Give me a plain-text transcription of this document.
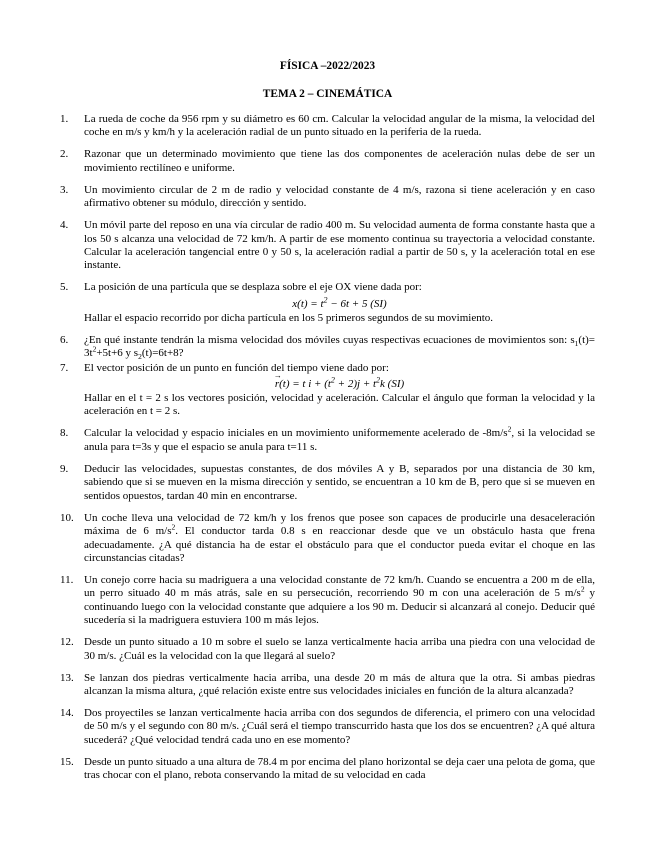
FÍSICA –2022/2023

TEMA 2 – CINEMÁTICA

1. La rueda de coche da 956 rpm y su diámetro es 60 cm. Calcular la velocidad angular de la misma, la velocidad del coche en m/s y km/h y la aceleración radial de un punto situado en la periferia de la rueda.

2. Razonar que un determinado movimiento que tiene las dos componentes de aceleración nulas debe de ser un movimiento rectilíneo e uniforme.

3. Un movimiento circular de 2 m de radio y velocidad constante de 4 m/s, razona si tiene aceleración y en caso afirmativo obtener su módulo, dirección y sentido.

4. Un móvil parte del reposo en una vía circular de radio 400 m. Su velocidad aumenta de forma constante hasta que a los 50 s alcanza una velocidad de 72 km/h. A partir de ese momento continua su trayectoria a velocidad constante. Calcular la aceleración tangencial entre 0 y 50 s, la aceleración radial a partir de 50 s, y la aceleración total en ese instante.

5. La posición de una partícula que se desplaza sobre el eje OX viene dada por:

$x(t) = t^2 - 6t + 5$ (SI)

Hallar el espacio recorrido por dicha partícula en los 5 primeros segundos de su movimiento.

6. ¿En qué instante tendrán la misma velocidad dos móviles cuyas respectivas ecuaciones de movimientos son: $s_1(t)= 3t^2+5t+6$ y $s_2(t)=6t+8$?

7. El vector posición de un punto en función del tiempo viene dado por:

→ r(t) = t $i + (t^2 + 2)j + t^2k$ (SI)

Hallar en el t = 2 s los vectores posición, velocidad y aceleración. Calcular el ángulo que forman la velocidad y la aceleración en t = 2 s.

8. Calcular la velocidad y espacio iniciales en un movimiento uniformemente acelerado de $-8m/s^2$, si la velocidad se anula para t=3s y que el espacio se anula para t=11 s.

9. Deducir las velocidades, supuestas constantes, de dos móviles A y B, separados por una distancia de 30 km, sabiendo que si se mueven en la misma dirección y sentido, se encuentran a 10 km de B, pero que si se mueven en sentidos opuestos, tardan 40 min en encontrarse.

10. Un coche lleva una velocidad de 72 km/h y los frenos que posee son capaces de producirle una desaceleración máxima de 6 $m/s^2$. El conductor tarda 0.8 s en reaccionar desde que ve un obstáculo hasta que frena adecuadamente. ¿A qué distancia ha de estar el obstáculo para que el conductor pueda evitar el choque en las circunstancias citadas?

11. Un conejo corre hacia su madriguera a una velocidad constante de 72 km/h. Cuando se encuentra a 200 m de ella, un perro situado 40 m más atrás, sale en su persecución, recorriendo 90 m con una aceleración de 5 $m/s^2$ y continuando luego con la velocidad constante que adquiere a los 90 m. Deducir si alcanzará al conejo. Deducir qué sucedería si la madriguera estuviera 100 m más lejos.

12. Desde un punto situado a 10 m sobre el suelo se lanza verticalmente hacia arriba una piedra con una velocidad de 30 m/s. ¿Cuál es la velocidad con la que llegará al suelo?

13. Se lanzan dos piedras verticalmente hacia arriba, una desde 20 m más de altura que la otra. Si ambas piedras alcanzan la misma altura, ¿qué relación existe entre sus velocidades iniciales en función de la altura alcanzada?

14. Dos proyectiles se lanzan verticalmente hacia arriba con dos segundos de diferencia, el primero con una velocidad de 50 m/s y el segundo con 80 m/s. ¿Cuál será el tiempo transcurrido hasta que los dos se encuentren? ¿A qué altura sucederá? ¿Qué velocidad tendrá cada uno en ese momento?

15. Desde un punto situado a una altura de 78.4 m por encima del plano horizontal se deja caer una pelota de goma, que tras chocar con el plano, rebota conservando la mitad de su velocidad en cada
